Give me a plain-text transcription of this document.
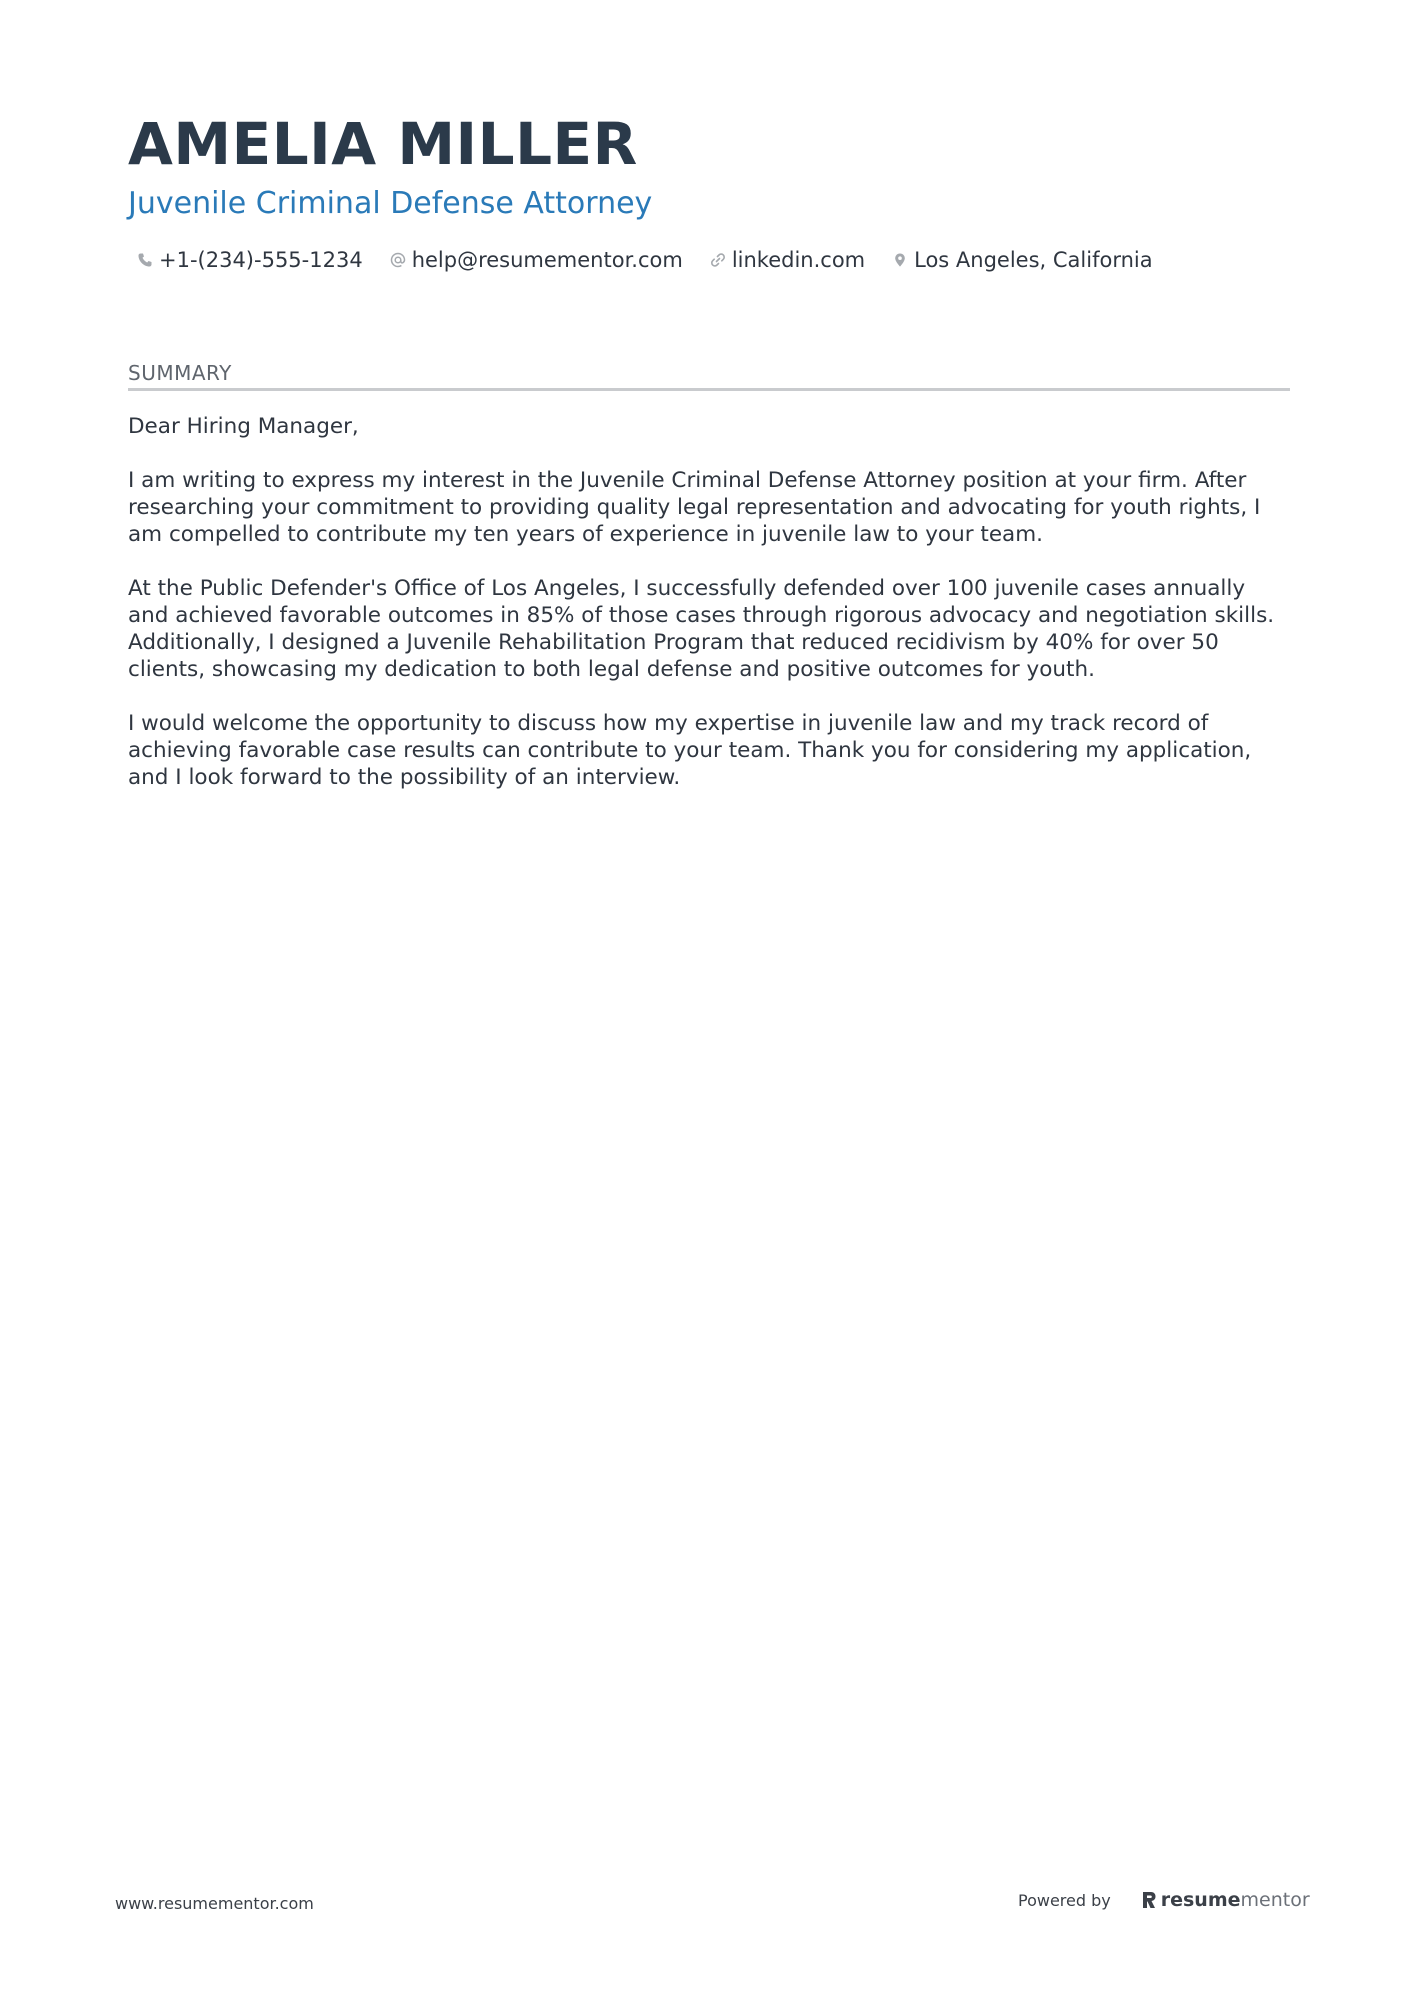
AMELIA MILLER
Juvenile Criminal Defense Attorney
+1-(234)-555-1234 help@resumementor.com linkedin.com Los Angeles, California
SUMMARY

Dear Hiring Manager,

I am writing to express my interest in the Juvenile Criminal Defense Attorney position at your firm. After researching your commitment to providing quality legal representation and advocating for youth rights, I am compelled to contribute my ten years of experience in juvenile law to your team.

At the Public Defender's Office of Los Angeles, I successfully defended over 100 juvenile cases annually and achieved favorable outcomes in 85% of those cases through rigorous advocacy and negotiation skills. Additionally, I designed a Juvenile Rehabilitation Program that reduced recidivism by 40% for over 50 clients, showcasing my dedication to both legal defense and positive outcomes for youth.

I would welcome the opportunity to discuss how my expertise in juvenile law and my track record of achieving favorable case results can contribute to your team. Thank you for considering my application, and I look forward to the possibility of an interview.

www.resumementor.com	Powered by	resume mentor
